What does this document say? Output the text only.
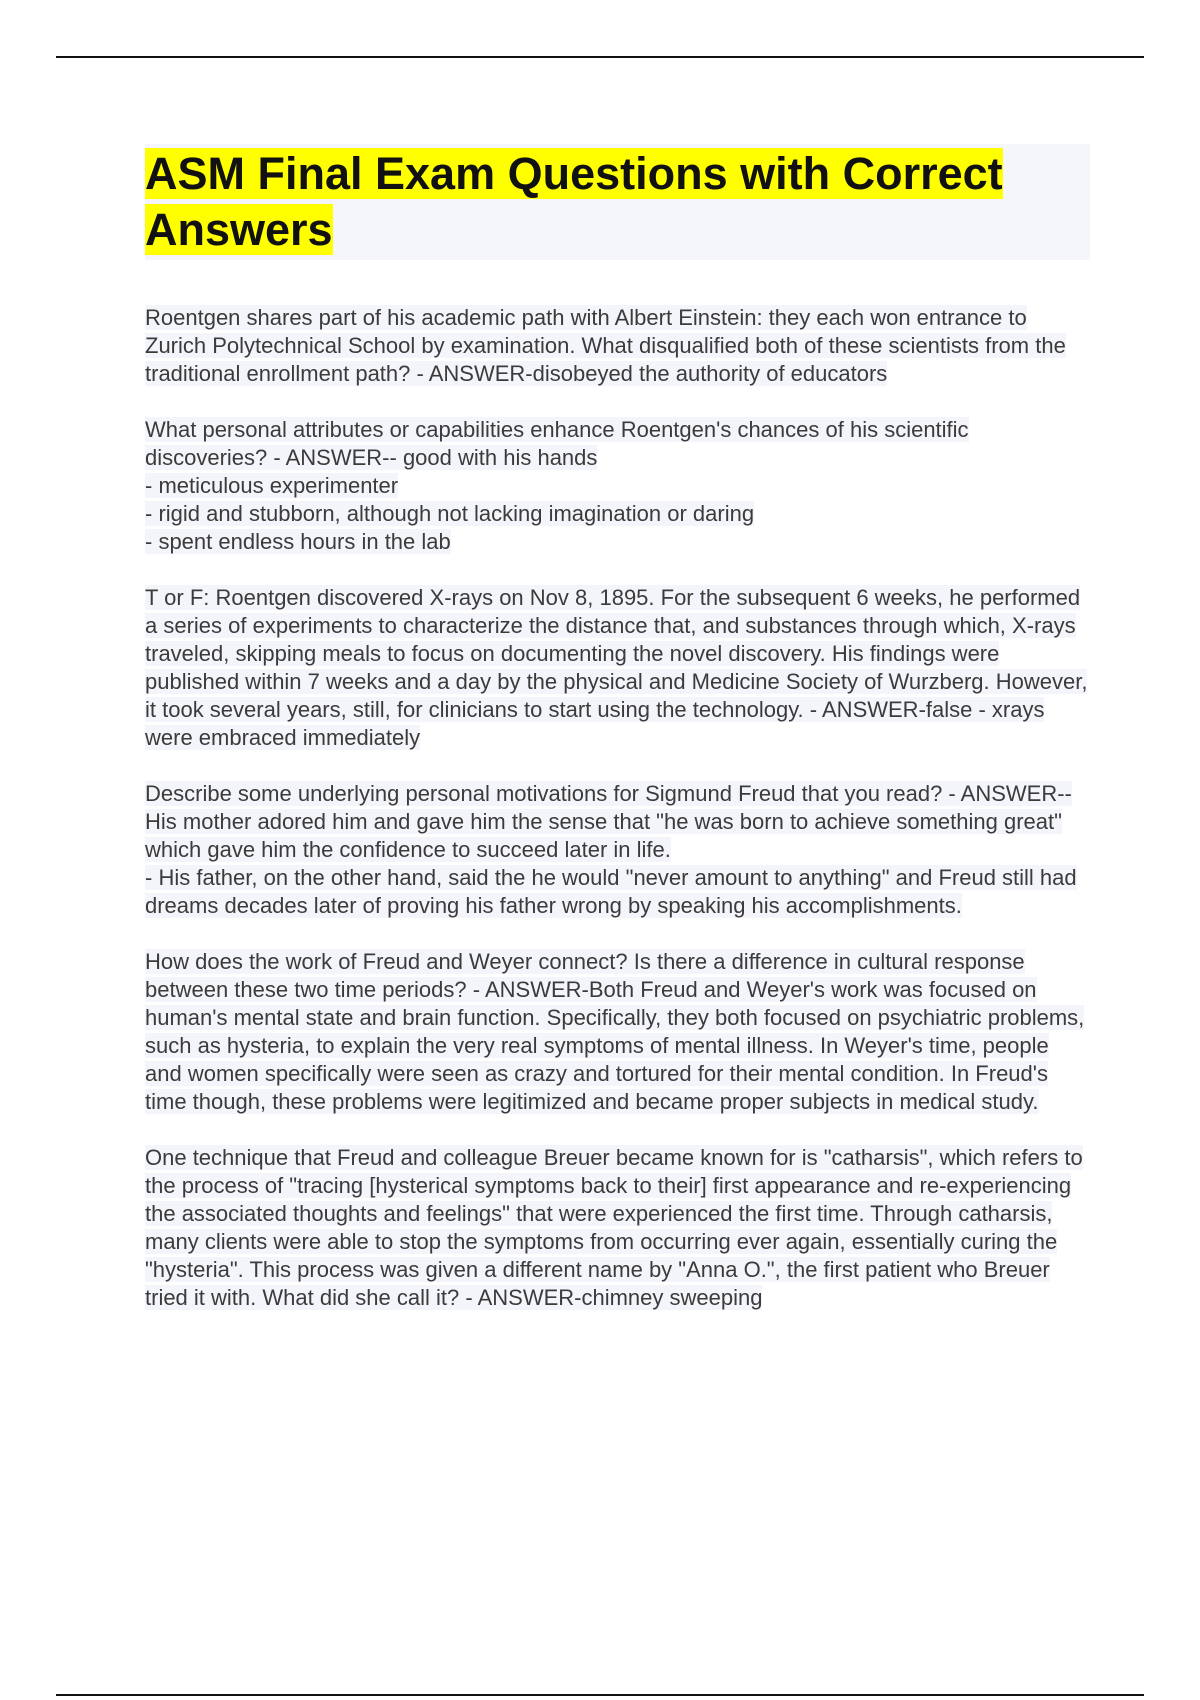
ASM Final Exam Questions with Correct Answers

Roentgen shares part of his academic path with Albert Einstein: they each won entrance to Zurich Polytechnical School by examination. What disqualified both of these scientists from the traditional enrollment path? - ANSWER-disobeyed the authority of educators

What personal attributes or capabilities enhance Roentgen's chances of his scientific discoveries? - ANSWER-- good with his hands
- meticulous experimenter
- rigid and stubborn, although not lacking imagination or daring
- spent endless hours in the lab

T or F: Roentgen discovered X-rays on Nov 8, 1895. For the subsequent 6 weeks, he performed a series of experiments to characterize the distance that, and substances through which, X-rays traveled, skipping meals to focus on documenting the novel discovery. His findings were published within 7 weeks and a day by the physical and Medicine Society of Wurzberg. However, it took several years, still, for clinicians to start using the technology. - ANSWER-false - xrays were embraced immediately

Describe some underlying personal motivations for Sigmund Freud that you read? - ANSWER-- His mother adored him and gave him the sense that "he was born to achieve something great" which gave him the confidence to succeed later in life.
- His father, on the other hand, said the he would "never amount to anything" and Freud still had dreams decades later of proving his father wrong by speaking his accomplishments.

How does the work of Freud and Weyer connect? Is there a difference in cultural response between these two time periods? - ANSWER-Both Freud and Weyer's work was focused on human's mental state and brain function. Specifically, they both focused on psychiatric problems, such as hysteria, to explain the very real symptoms of mental illness. In Weyer's time, people and women specifically were seen as crazy and tortured for their mental condition. In Freud's time though, these problems were legitimized and became proper subjects in medical study.

One technique that Freud and colleague Breuer became known for is "catharsis", which refers to the process of "tracing [hysterical symptoms back to their] first appearance and re-experiencing the associated thoughts and feelings" that were experienced the first time. Through catharsis, many clients were able to stop the symptoms from occurring ever again, essentially curing the "hysteria". This process was given a different name by "Anna O.", the first patient who Breuer tried it with. What did she call it? - ANSWER-chimney sweeping
